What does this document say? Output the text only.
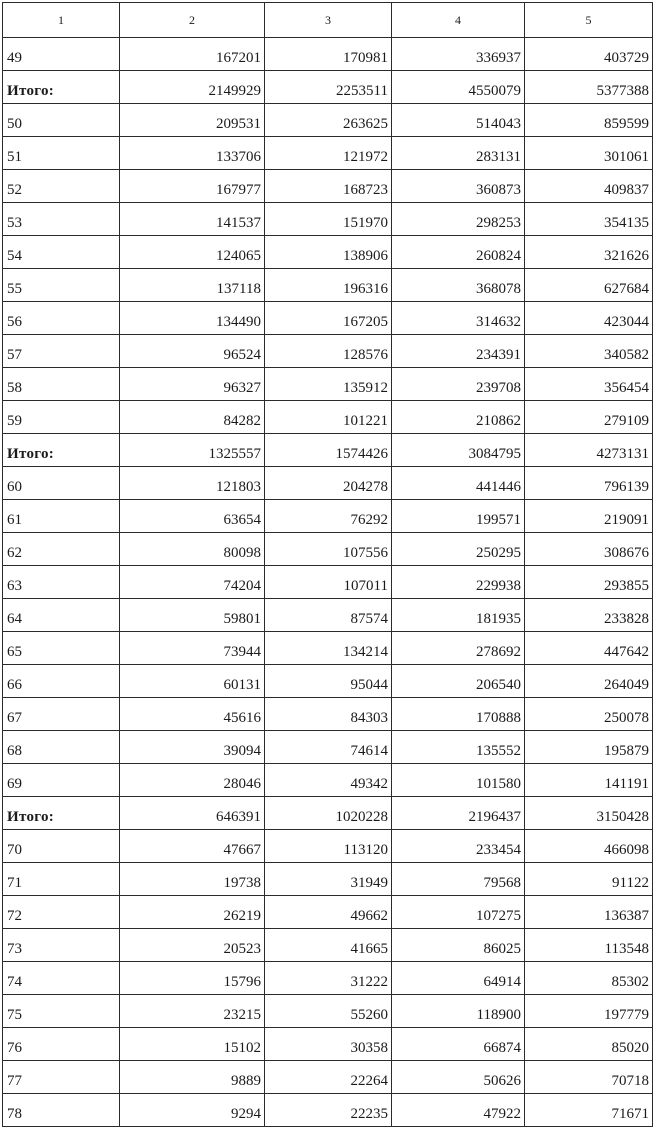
1	2	3	4	5
49	167201	170981	336937	403729
Итого:	2149929	2253511	4550079	5377388
50	209531	263625	514043	859599
51	133706	121972	283131	301061
52	167977	168723	360873	409837
53	141537	151970	298253	354135
54	124065	138906	260824	321626
55	137118	196316	368078	627684
56	134490	167205	314632	423044
57	96524	128576	234391	340582
58	96327	135912	239708	356454
59	84282	101221	210862	279109
Итого:	1325557	1574426	3084795	4273131
60	121803	204278	441446	796139
61	63654	76292	199571	219091
62	80098	107556	250295	308676
63	74204	107011	229938	293855
64	59801	87574	181935	233828
65	73944	134214	278692	447642
66	60131	95044	206540	264049
67	45616	84303	170888	250078
68	39094	74614	135552	195879
69	28046	49342	101580	141191
Итого:	646391	1020228	2196437	3150428
70	47667	113120	233454	466098
71	19738	31949	79568	91122
72	26219	49662	107275	136387
73	20523	41665	86025	113548
74	15796	31222	64914	85302
75	23215	55260	118900	197779
76	15102	30358	66874	85020
77	9889	22264	50626	70718
78	9294	22235	47922	71671
